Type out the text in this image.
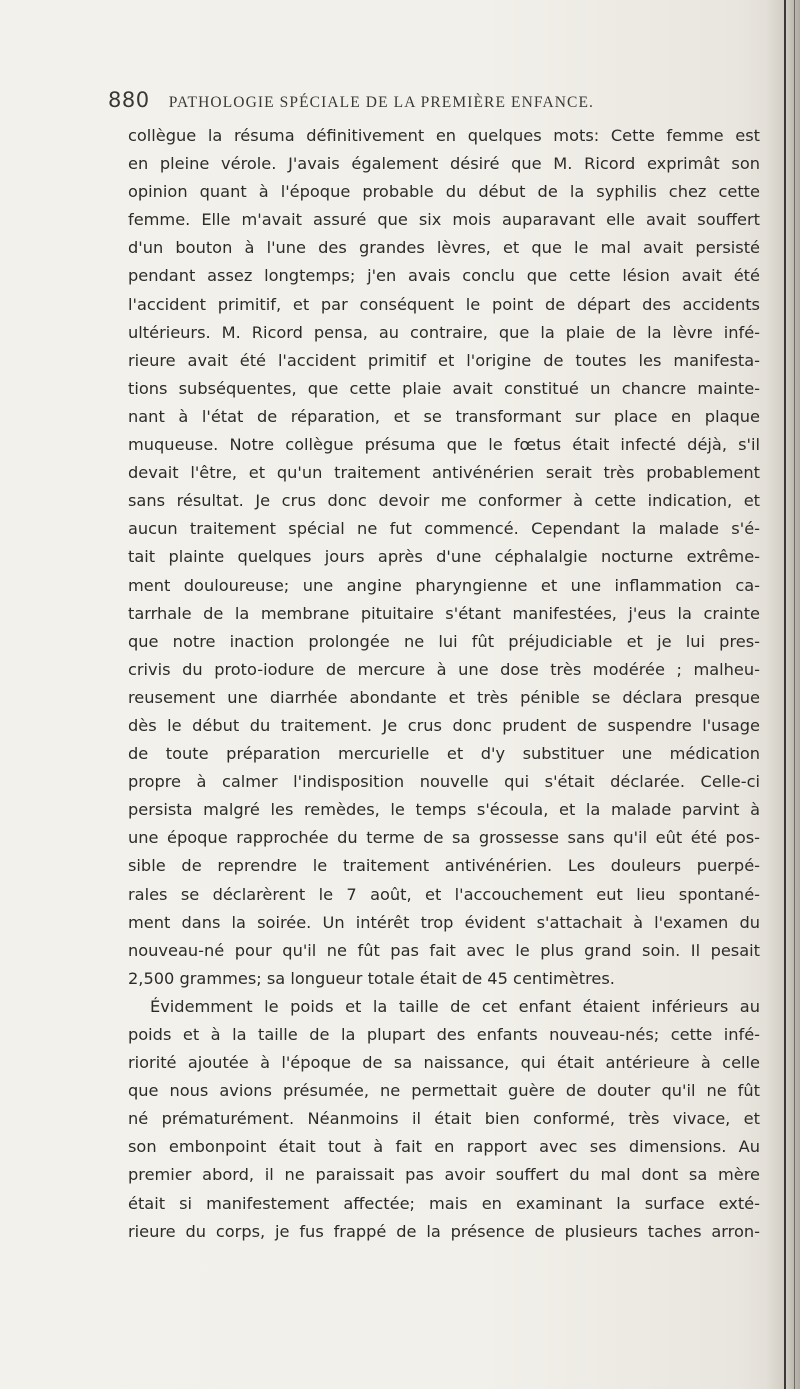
880 PATHOLOGIE SPÉCIALE DE LA PREMIÈRE ENFANCE.
collègue la résuma définitivement en quelques mots: Cette femme est
en pleine vérole. J'avais également désiré que M. Ricord exprimât son
opinion quant à l'époque probable du début de la syphilis chez cette
femme. Elle m'avait assuré que six mois auparavant elle avait souffert
d'un bouton à l'une des grandes lèvres, et que le mal avait persisté
pendant assez longtemps; j'en avais conclu que cette lésion avait été
l'accident primitif, et par conséquent le point de départ des accidents
ultérieurs. M. Ricord pensa, au contraire, que la plaie de la lèvre infé-
rieure avait été l'accident primitif et l'origine de toutes les manifesta-
tions subséquentes, que cette plaie avait constitué un chancre mainte-
nant à l'état de réparation, et se transformant sur place en plaque
muqueuse. Notre collègue présuma que le fœtus était infecté déjà, s'il
devait l'être, et qu'un traitement antivénérien serait très probablement
sans résultat. Je crus donc devoir me conformer à cette indication, et
aucun traitement spécial ne fut commencé. Cependant la malade s'é-
tait plainte quelques jours après d'une céphalalgie nocturne extrême-
ment douloureuse; une angine pharyngienne et une inflammation ca-
tarrhale de la membrane pituitaire s'étant manifestées, j'eus la crainte
que notre inaction prolongée ne lui fût préjudiciable et je lui pres-
crivis du proto-iodure de mercure à une dose très modérée ; malheu-
reusement une diarrhée abondante et très pénible se déclara presque
dès le début du traitement. Je crus donc prudent de suspendre l'usage
de toute préparation mercurielle et d'y substituer une médication
propre à calmer l'indisposition nouvelle qui s'était déclarée. Celle-ci
persista malgré les remèdes, le temps s'écoula, et la malade parvint à
une époque rapprochée du terme de sa grossesse sans qu'il eût été pos-
sible de reprendre le traitement antivénérien. Les douleurs puerpé-
rales se déclarèrent le 7 août, et l'accouchement eut lieu spontané-
ment dans la soirée. Un intérêt trop évident s'attachait à l'examen du
nouveau-né pour qu'il ne fût pas fait avec le plus grand soin. Il pesait
2,500 grammes; sa longueur totale était de 45 centimètres.
Évidemment le poids et la taille de cet enfant étaient inférieurs au
poids et à la taille de la plupart des enfants nouveau-nés; cette infé-
riorité ajoutée à l'époque de sa naissance, qui était antérieure à celle
que nous avions présumée, ne permettait guère de douter qu'il ne fût
né prématurément. Néanmoins il était bien conformé, très vivace, et
son embonpoint était tout à fait en rapport avec ses dimensions. Au
premier abord, il ne paraissait pas avoir souffert du mal dont sa mère
était si manifestement affectée; mais en examinant la surface exté-
rieure du corps, je fus frappé de la présence de plusieurs taches arron-
